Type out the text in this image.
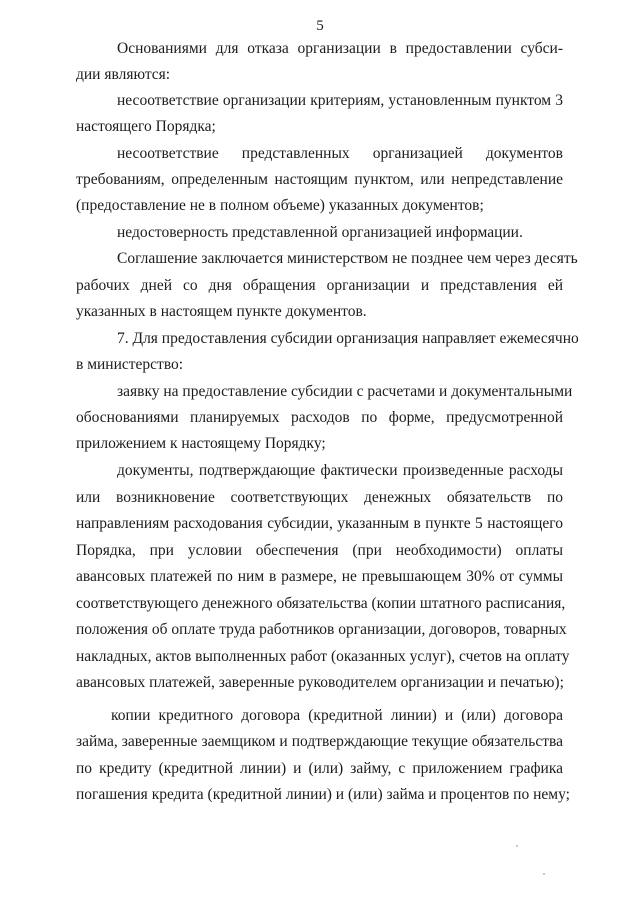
5
Основаниями для отказа организации в предоставлении субси-
дии являются:
несоответствие организации критериям, установленным пунктом 3
настоящего Порядка;
несоответствие представленных организацией документов
требованиям, определенным настоящим пунктом, или непредставление
(предоставление не в полном объеме) указанных документов;
недостоверность представленной организацией информации.
Соглашение заключается министерством не позднее чем через десять
рабочих дней со дня обращения организации и представления ей
указанных в настоящем пункте документов.
7. Для предоставления субсидии организация направляет ежемесячно
в министерство:
заявку на предоставление субсидии с расчетами и документальными
обоснованиями планируемых расходов по форме, предусмотренной
приложением к настоящему Порядку;
документы, подтверждающие фактически произведенные расходы
или возникновение соответствующих денежных обязательств по
направлениям расходования субсидии, указанным в пункте 5 настоящего
Порядка, при условии обеспечения (при необходимости) оплаты
авансовых платежей по ним в размере, не превышающем 30% от суммы
соответствующего денежного обязательства (копии штатного расписания,
положения об оплате труда работников организации, договоров, товарных
накладных, актов выполненных работ (оказанных услуг), счетов на оплату
авансовых платежей, заверенные руководителем организации и печатью);
копии кредитного договора (кредитной линии) и (или) договора
займа, заверенные заемщиком и подтверждающие текущие обязательства
по кредиту (кредитной линии) и (или) займу, с приложением графика
погашения кредита (кредитной линии) и (или) займа и процентов по нему;
